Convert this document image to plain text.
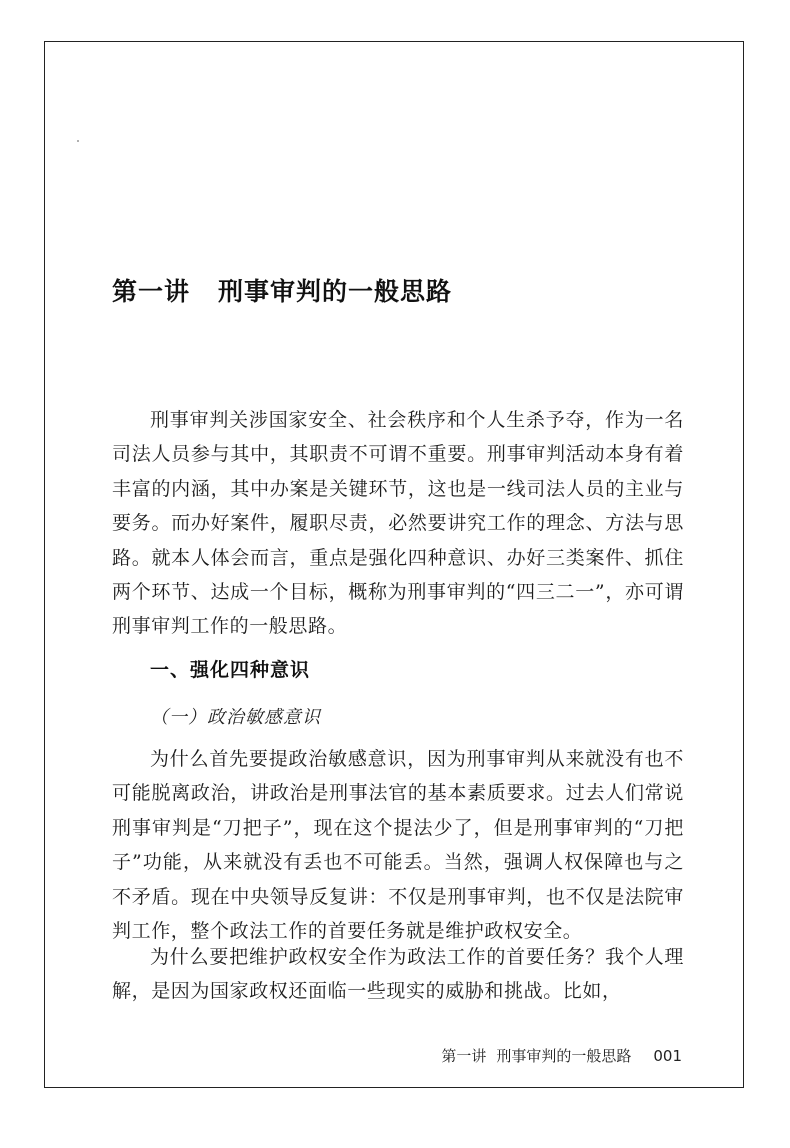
第一讲 刑事审判的一般思路

刑事审判关涉国家安全、社会秩序和个人生杀予夺，作为一名司法人员参与其中，其职责不可谓不重要。刑事审判活动本身有着丰富的内涵，其中办案是关键环节，这也是一线司法人员的主业与要务。而办好案件，履职尽责，必然要讲究工作的理念、方法与思路。就本人体会而言，重点是强化四种意识、办好三类案件、抓住两个环节、达成一个目标，概称为刑事审判的“四三二一”，亦可谓刑事审判工作的一般思路。

一、强化四种意识
（一）政治敏感意识

为什么首先要提政治敏感意识，因为刑事审判从来就没有也不可能脱离政治，讲政治是刑事法官的基本素质要求。过去人们常说刑事审判是“刀把子”，现在这个提法少了，但是刑事审判的“刀把子”功能，从来就没有丢也不可能丢。当然，强调人权保障也与之不矛盾。现在中央领导反复讲：不仅是刑事审判，也不仅是法院审判工作，整个政法工作的首要任务就是维护政权安全。

为什么要把维护政权安全作为政法工作的首要任务？我个人理解，是因为国家政权还面临一些现实的威胁和挑战。比如，

第一讲 刑事审判的一般思路 001
